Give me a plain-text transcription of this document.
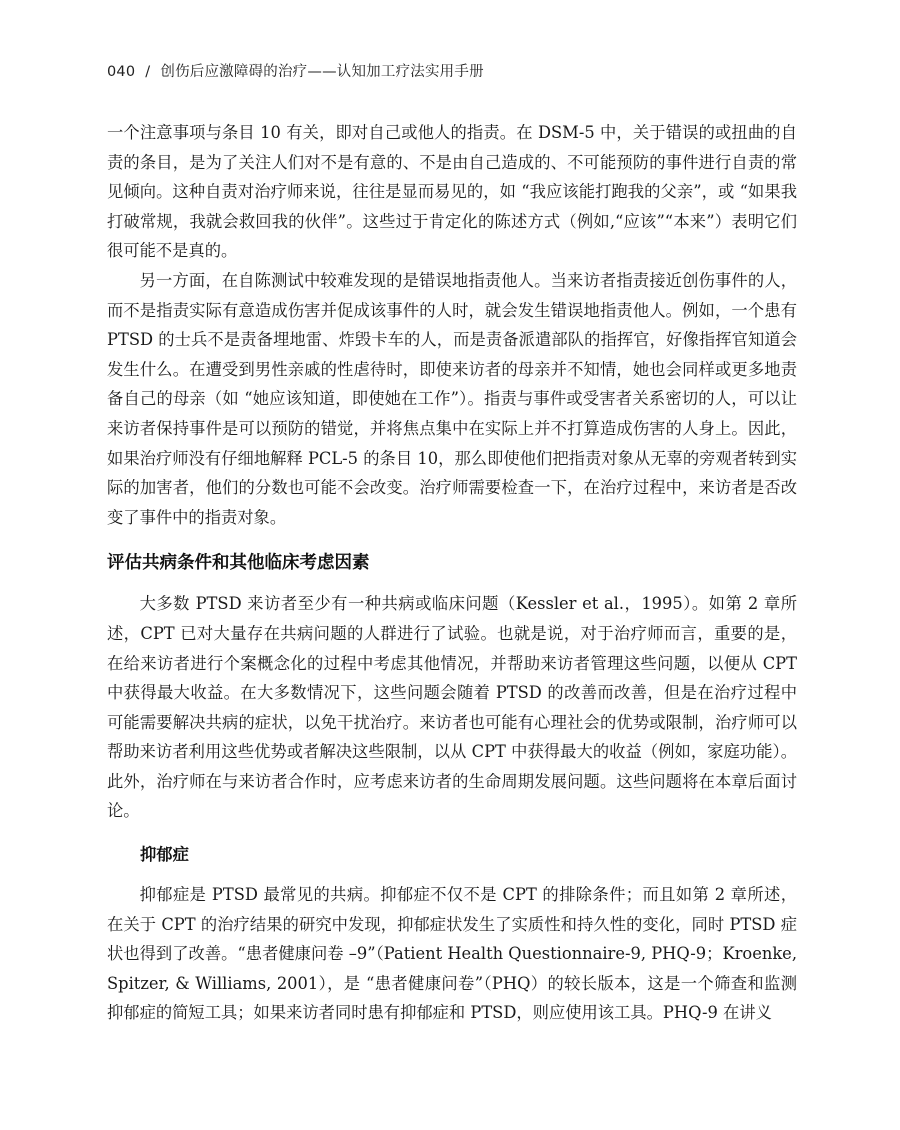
040 / 创伤后应激障碍的治疗——认知加工疗法实用手册

一个注意事项与条目 10 有关，即对自己或他人的指责。在 DSM-5 中，关于错误的或扭曲的自责的条目，是为了关注人们对不是有意的、不是由自己造成的、不可能预防的事件进行自责的常见倾向。这种自责对治疗师来说，往往是显而易见的，如 “我应该能打跑我的父亲”，或 “如果我打破常规，我就会救回我的伙伴”。这些过于肯定化的陈述方式（例如,“应该”“本来”）表明它们很可能不是真的。

另一方面，在自陈测试中较难发现的是错误地指责他人。当来访者指责接近创伤事件的人，而不是指责实际有意造成伤害并促成该事件的人时，就会发生错误地指责他人。例如，一个患有 PTSD 的士兵不是责备埋地雷、炸毁卡车的人，而是责备派遣部队的指挥官，好像指挥官知道会发生什么。在遭受到男性亲戚的性虐待时，即使来访者的母亲并不知情，她也会同样或更多地责备自己的母亲（如 “她应该知道，即使她在工作”）。指责与事件或受害者关系密切的人，可以让来访者保持事件是可以预防的错觉，并将焦点集中在实际上并不打算造成伤害的人身上。因此，如果治疗师没有仔细地解释 PCL-5 的条目 10，那么即使他们把指责对象从无辜的旁观者转到实际的加害者，他们的分数也可能不会改变。治疗师需要检查一下，在治疗过程中，来访者是否改变了事件中的指责对象。

评估共病条件和其他临床考虑因素

大多数 PTSD 来访者至少有一种共病或临床问题（Kessler et al.，1995）。如第 2 章所述，CPT 已对大量存在共病问题的人群进行了试验。也就是说，对于治疗师而言，重要的是，在给来访者进行个案概念化的过程中考虑其他情况，并帮助来访者管理这些问题，以便从 CPT 中获得最大收益。在大多数情况下，这些问题会随着 PTSD 的改善而改善，但是在治疗过程中可能需要解决共病的症状，以免干扰治疗。来访者也可能有心理社会的优势或限制，治疗师可以帮助来访者利用这些优势或者解决这些限制，以从 CPT 中获得最大的收益（例如，家庭功能）。此外，治疗师在与来访者合作时，应考虑来访者的生命周期发展问题。这些问题将在本章后面讨论。

抑郁症

抑郁症是 PTSD 最常见的共病。抑郁症不仅不是 CPT 的排除条件；而且如第 2 章所述，在关于 CPT 的治疗结果的研究中发现，抑郁症状发生了实质性和持久性的变化，同时 PTSD 症状也得到了改善。“患者健康问卷 –9”（Patient Health Questionnaire-9, PHQ-9；Kroenke, Spitzer, & Williams, 2001），是 “患者健康问卷”（PHQ）的较长版本，这是一个筛查和监测抑郁症的简短工具；如果来访者同时患有抑郁症和 PTSD，则应使用该工具。PHQ-9 在讲义
